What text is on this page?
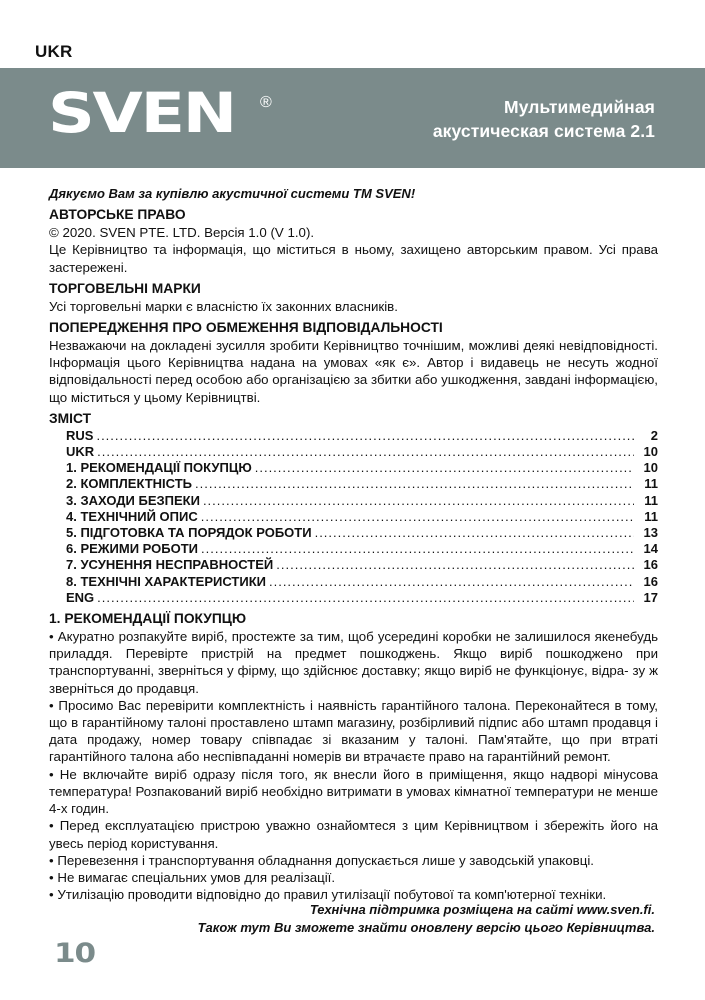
UKR
SVEN	®	Мультимедийная
акустическая система 2.1
Дякуємо Вам за купівлю акустичної системи ТМ SVEN!
АВТОРСЬКЕ ПРАВО
© 2020. SVEN PTE. LTD. Версія 1.0 (V 1.0).
Це Керівництво та інформація, що міститься в ньому, захищено авторським правом. Усі права застережені.
ТОРГОВЕЛЬНІ МАРКИ
Усі торговельні марки є власністю їх законних власників.
ПОПЕРЕДЖЕННЯ ПРО ОБМЕЖЕННЯ ВІДПОВІДАЛЬНОСТІ
Незважаючи на докладені зусилля зробити Керівництво точнішим, можливі деякі невідповідності. Інформація цього Керівництва надана на умовах «як є». Автор і видавець не несуть жодної відповідальності перед особою або організацією за збитки або ушкодження, завдані інформацією, що міститься у цьому Керівництві.
ЗМІСТ
RUS .....	2
UKR .....	10
1. РЕКОМЕНДАЦІЇ ПОКУПЦЮ .....	10
2. КОМПЛЕКТНІСТЬ .....	11
3. ЗАХОДИ БЕЗПЕКИ .....	11
4. ТЕХНІЧНИЙ ОПИС .....	11
5. ПІДГОТОВКА ТА ПОРЯДОК РОБОТИ .....	13
6. РЕЖИМИ РОБОТИ .....	14
7. УСУНЕННЯ НЕСПРАВНОСТЕЙ .....	16
8. ТЕХНІЧНІ ХАРАКТЕРИСТИКИ .....	16
ENG .....	17
1. РЕКОМЕНДАЦІЇ ПОКУПЦЮ
• Акуратно розпакуйте виріб, простежте за тим, щоб усередині коробки не залишилося якенебудь приладдя. Перевірте пристрій на предмет пошкоджень. Якщо виріб пошкоджено при транспортуванні, зверніться у фірму, що здійснює доставку; якщо виріб не функціонує, відра- зу ж зверніться до продавця.
• Просимо Вас перевірити комплектність і наявність гарантійного талона. Переконайтеся в тому, що в гарантійному талоні проставлено штамп магазину, розбірливий підпис або штамп продавця і дата продажу, номер товару співпадає зі вказаним у талоні. Пам'ятайте, що при втраті гарантійного талона або неспівпаданні номерів ви втрачаєте право на гарантійний ремонт.
• Не включайте виріб одразу після того, як внесли його в приміщення, якщо надворі мінусова температура! Розпакований виріб необхідно витримати в умовах кімнатної температури не менше 4-х годин.
• Перед експлуатацією пристрою уважно ознайомтеся з цим Керівництвом і збережіть його на увесь період користування.
• Перевезення і транспортування обладнання допускається лише у заводській упаковці.
• Не вимагає спеціальних умов для реалізації.
• Утилізацію проводити відповідно до правил утилізації побутової та комп'ютерної техніки.
Технічна підтримка розміщена на сайті www.sven.fi.
Також тут Ви зможете знайти оновлену версію цього Керівництва.
10
